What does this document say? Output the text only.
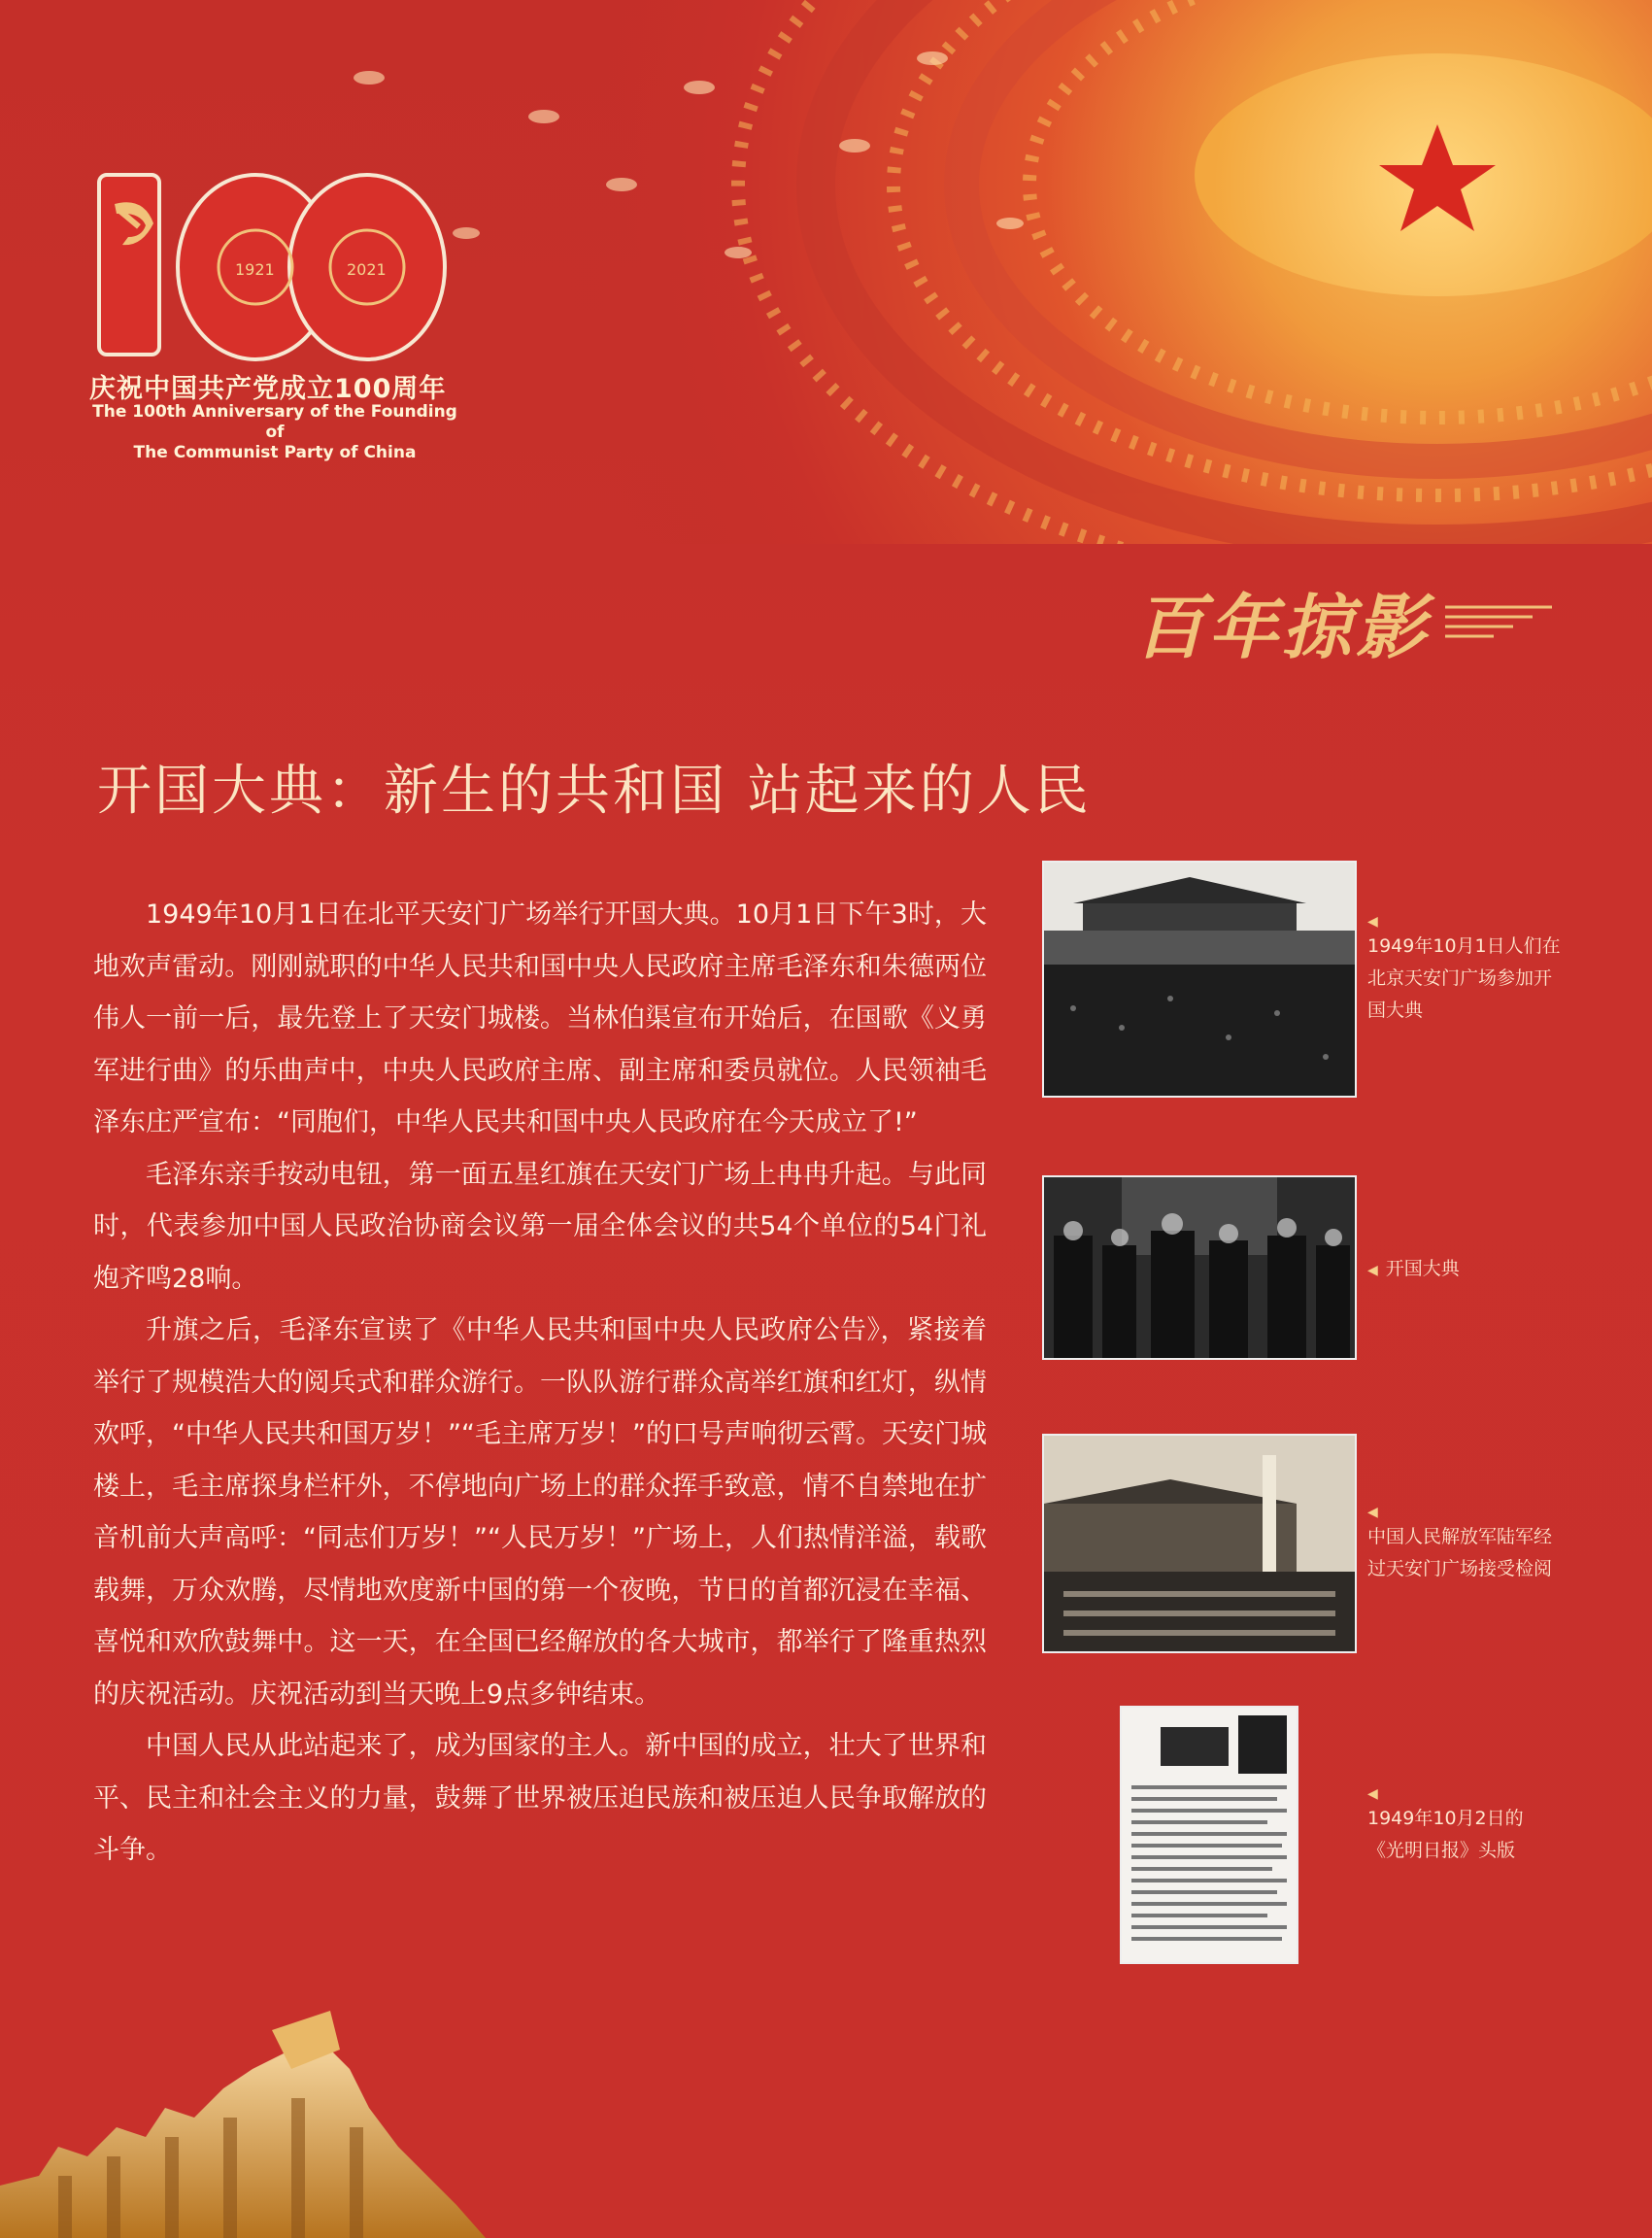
1921	2021
庆祝中国共产党成立100周年
The 100th Anniversary of the Founding of
The Communist Party of China
百年掠影
开国大典：新生的共和国 站起来的人民

1949年10月1日在北平天安门广场举行开国大典。10月1日下午3时，大地欢声雷动。刚刚就职的中华人民共和国中央人民政府主席毛泽东和朱德两位伟人一前一后，最先登上了天安门城楼。当林伯渠宣布开始后，在国歌《义勇军进行曲》的乐曲声中，中央人民政府主席、副主席和委员就位。人民领袖毛泽东庄严宣布：“同胞们，中华人民共和国中央人民政府在今天成立了!”

毛泽东亲手按动电钮，第一面五星红旗在天安门广场上冉冉升起。与此同时，代表参加中国人民政治协商会议第一届全体会议的共54个单位的54门礼炮齐鸣28响。

升旗之后，毛泽东宣读了《中华人民共和国中央人民政府公告》，紧接着举行了规模浩大的阅兵式和群众游行。一队队游行群众高举红旗和红灯，纵情欢呼，“中华人民共和国万岁！”“毛主席万岁！”的口号声响彻云霄。天安门城楼上，毛主席探身栏杆外，不停地向广场上的群众挥手致意，情不自禁地在扩音机前大声高呼：“同志们万岁！”“人民万岁！”广场上，人们热情洋溢，载歌载舞，万众欢腾，尽情地欢度新中国的第一个夜晚，节日的首都沉浸在幸福、喜悦和欢欣鼓舞中。这一天，在全国已经解放的各大城市，都举行了隆重热烈的庆祝活动。庆祝活动到当天晚上9点多钟结束。

中国人民从此站起来了，成为国家的主人。新中国的成立，壮大了世界和平、民主和社会主义的力量，鼓舞了世界被压迫民族和被压迫人民争取解放的斗争。

◀
1949年10月1日人们在
北京天安门广场参加开
国大典
◀ 开国大典
◀
中国人民解放军陆军经
过天安门广场接受检阅
◀
1949年10月2日的
《光明日报》头版
